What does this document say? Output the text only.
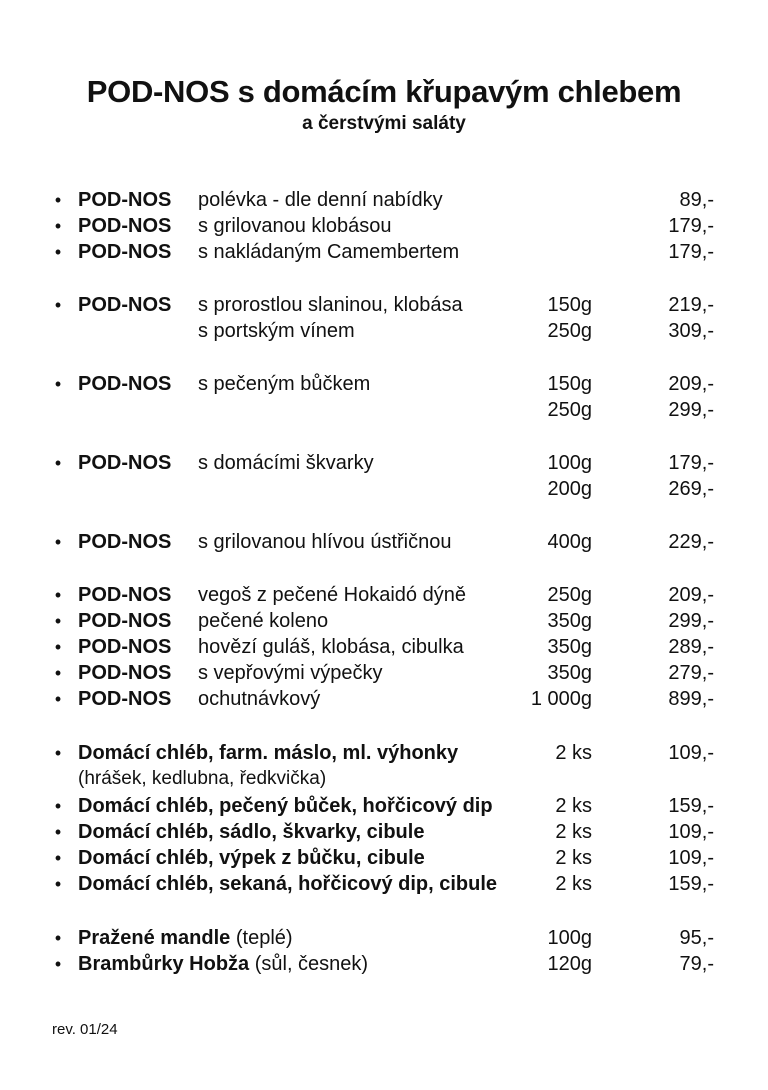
POD-NOS s domácím křupavým chlebem
a čerstvými saláty
• POD-NOS polévka - dle denní nabídky	89,-
• POD-NOS s grilovanou klobásou	179,-
• POD-NOS s nakládaným Camembertem	179,-
• POD-NOS s prorostlou slaninou, klobása	150g	219,-
s portským vínem	250g	309,-
• POD-NOS s pečeným bůčkem	150g	209,-
250g	299,-
• POD-NOS s domácími škvarky	100g	179,-
200g	269,-
• POD-NOS s grilovanou hlívou ústřičnou	400g	229,-
• POD-NOS vegoš z pečené Hokaidó dýně	250g	209,-
• POD-NOS pečené koleno	350g	299,-
• POD-NOS hovězí guláš, klobása, cibulka	350g	289,-
• POD-NOS s vepřovými výpečky	350g	279,-
• POD-NOS ochutnávkový	1 000g	899,-
• Domácí chléb, farm. máslo, ml. výhonky	2 ks	109,-
(hrášek, kedlubna, ředkvička)
• Domácí chléb, pečený bůček, hořčicový dip	2 ks	159,-
• Domácí chléb, sádlo, škvarky, cibule	2 ks	109,-
• Domácí chléb, výpek z bůčku, cibule	2 ks	109,-
• Domácí chléb, sekaná, hořčicový dip, cibule	2 ks	159,-
• Pražené mandle (teplé)	100g	95,-
• Brambůrky Hobža (sůl, česnek)	120g	79,-
rev. 01/24
